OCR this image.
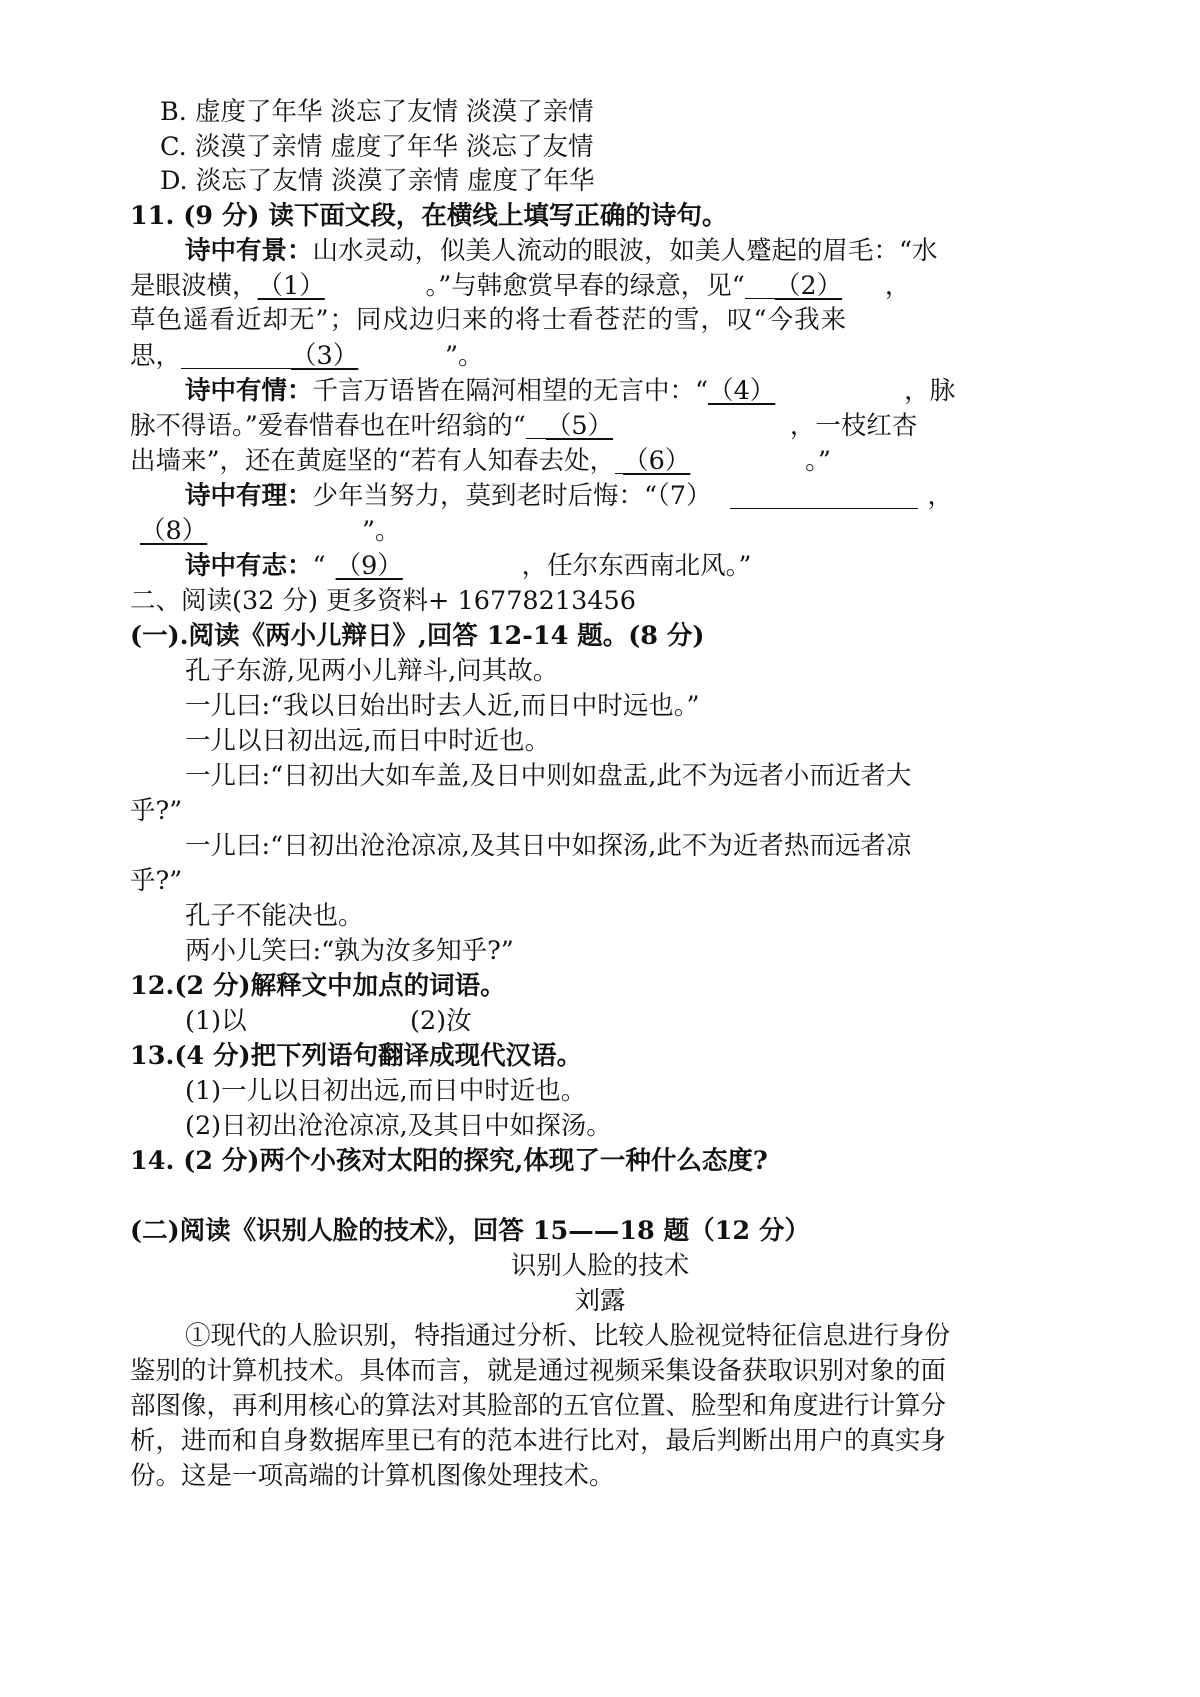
B. 虚度了年华 淡忘了友情 淡漠了亲情
C. 淡漠了亲情 虚度了年华 淡忘了友情
D. 淡忘了友情 淡漠了亲情 虚度了年华
11. (9 分) 读下面文段，在横线上填写正确的诗句。
诗中有景：山水灵动，似美人流动的眼波，如美人蹙起的眉毛：“水
是眼波横，（1）	。”与韩愈赏早春的绿意，见“ （2） ，
草色遥看近却无”；同戍边归来的将士看苍茫的雪，叹“今我来
思，	（3）	”。
诗中有情：千言万语皆在隔河相望的无言中：“（4）	，脉
脉不得语。”爱春惜春也在叶绍翁的“ （5）	，一枝红杏
出墙来”，还在黄庭坚的“若有人知春去处， （6）	。”
诗中有理：少年当努力，莫到老时后悔：“（7）	，
（8）	”。
诗中有志：“ （9）	，任尔东西南北风。”
二、阅读(32 分) 更多资料+ 16778213456
(一).阅读《两小儿辩日》,回答 12-14 题。(8 分)
孔子东游,见两小儿辩斗,问其故。
一儿曰:“我以日始出时去人近,而日中时远也。”
一儿以日初出远,而日中时近也。
一儿曰:“日初出大如车盖,及日中则如盘盂,此不为远者小而近者大
乎?”
一儿曰:“日初出沧沧凉凉,及其日中如探汤,此不为近者热而远者凉
乎?”
孔子不能决也。
两小儿笑曰:“孰为汝多知乎?”
12.(2 分)解释文中加点的词语。
(1)以	(2)汝
13.(4 分)把下列语句翻译成现代汉语。
(1)一儿以日初出远,而日中时近也。
(2)日初出沧沧凉凉,及其日中如探汤。
14. (2 分)两个小孩对太阳的探究,体现了一种什么态度?
(二)阅读《识别人脸的技术》，回答 15——18 题（12 分）
识别人脸的技术
刘露
①现代的人脸识别，特指通过分析、比较人脸视觉特征信息进行身份
鉴别的计算机技术。具体而言，就是通过视频采集设备获取识别对象的面
部图像，再利用核心的算法对其脸部的五官位置、脸型和角度进行计算分
析，进而和自身数据库里已有的范本进行比对，最后判断出用户的真实身
份。这是一项高端的计算机图像处理技术。
